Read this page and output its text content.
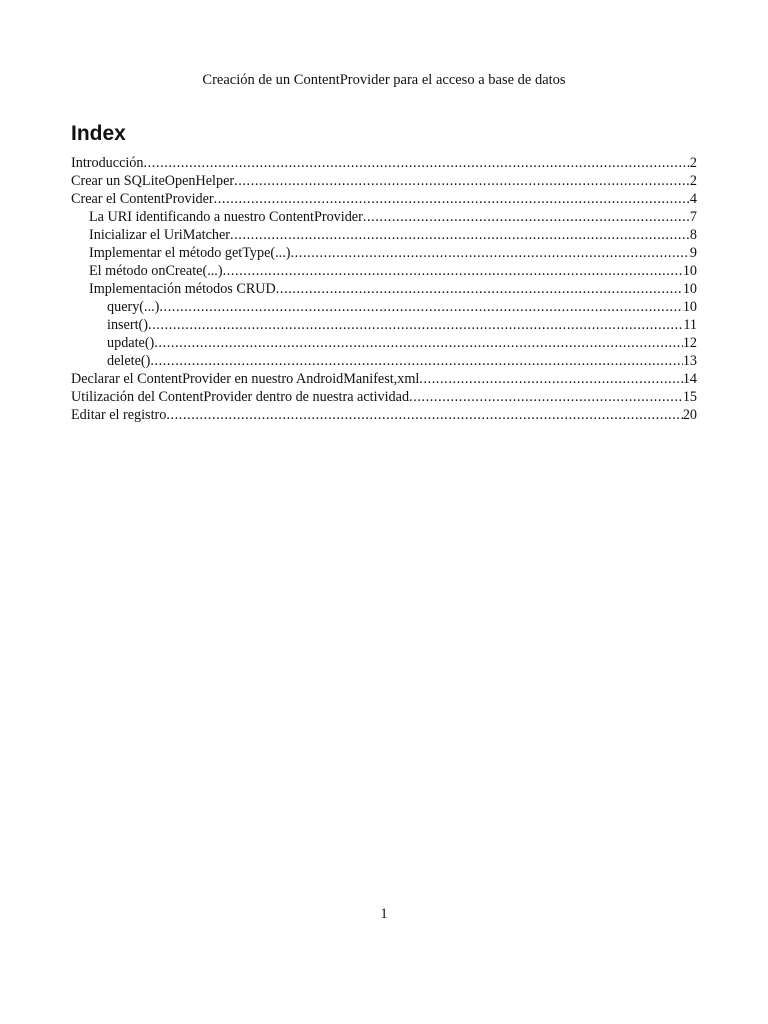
Creación de un ContentProvider para el acceso a base de datos
Index
Introducción .....	2
Crear un SQLiteOpenHelper .....	2
Crear el ContentProvider .....	4
La URI identificando a nuestro ContentProvider .....	7
Inicializar el UriMatcher .....	8
Implementar el método getType(...) .....	9
El método onCreate(...) .....	10
Implementación métodos CRUD .....	10
query(...) .....	10
insert() .....	11
update() .....	12
delete() .....	13
Declarar el ContentProvider en nuestro AndroidManifest,xml .....	14
Utilización del ContentProvider dentro de nuestra actividad .....	15
Editar el registro .....	20
1
